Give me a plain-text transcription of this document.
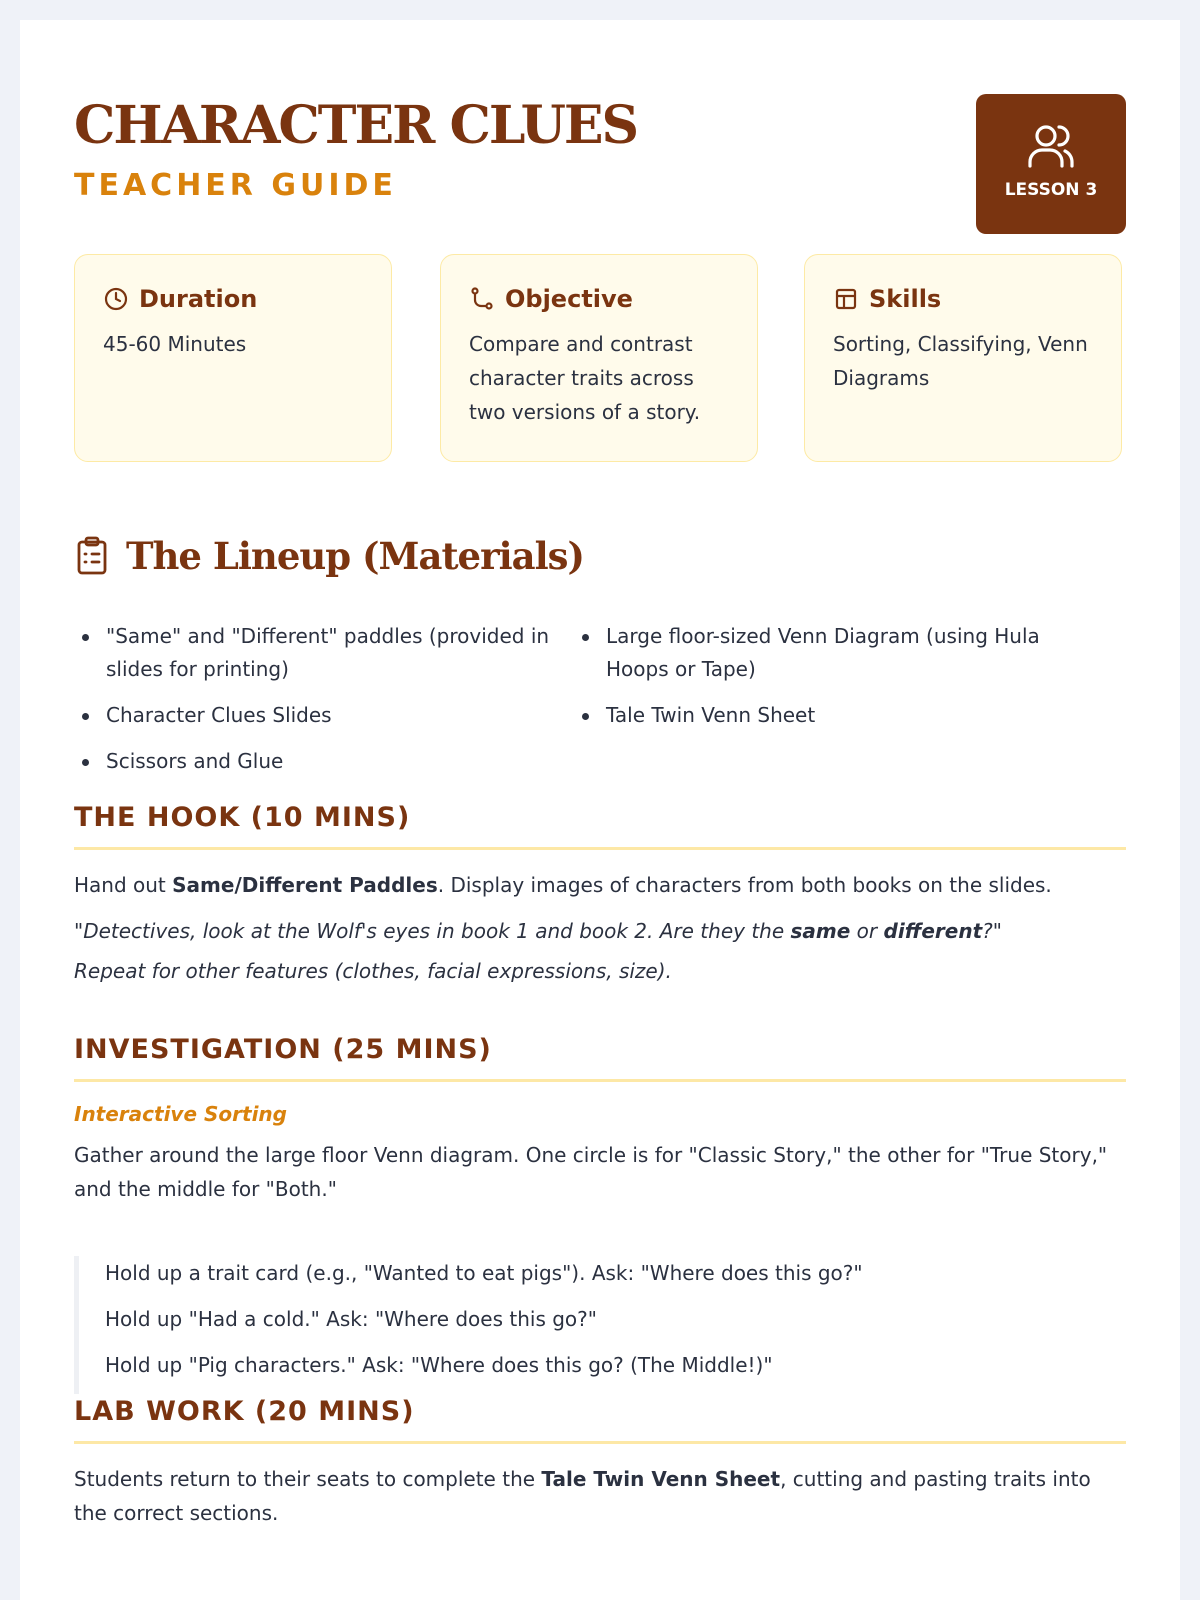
CHARACTER CLUES
TEACHER GUIDE	LESSON 3
Duration
45-60 Minutes
Objective
Compare and contrast character traits across two versions of a story.
Skills
Sorting, Classifying, Venn Diagrams
The Lineup (Materials)
"Same" and "Different" paddles (provided in slides for printing)
Character Clues Slides
Scissors and Glue
Large floor-sized Venn Diagram (using Hula Hoops or Tape)
Tale Twin Venn Sheet
THE HOOK (10 MINS)
Hand out Same/Different Paddles. Display images of characters from both books on the slides.
"Detectives, look at the Wolf's eyes in book 1 and book 2. Are they the same or different?"
Repeat for other features (clothes, facial expressions, size).
INVESTIGATION (25 MINS)
Interactive Sorting
Gather around the large floor Venn diagram. One circle is for "Classic Story," the other for "True Story," and the middle for "Both."
Hold up a trait card (e.g., "Wanted to eat pigs"). Ask: "Where does this go?"
Hold up "Had a cold." Ask: "Where does this go?"
Hold up "Pig characters." Ask: "Where does this go? (The Middle!)"
LAB WORK (20 MINS)
Students return to their seats to complete the Tale Twin Venn Sheet, cutting and pasting traits into the correct sections.
